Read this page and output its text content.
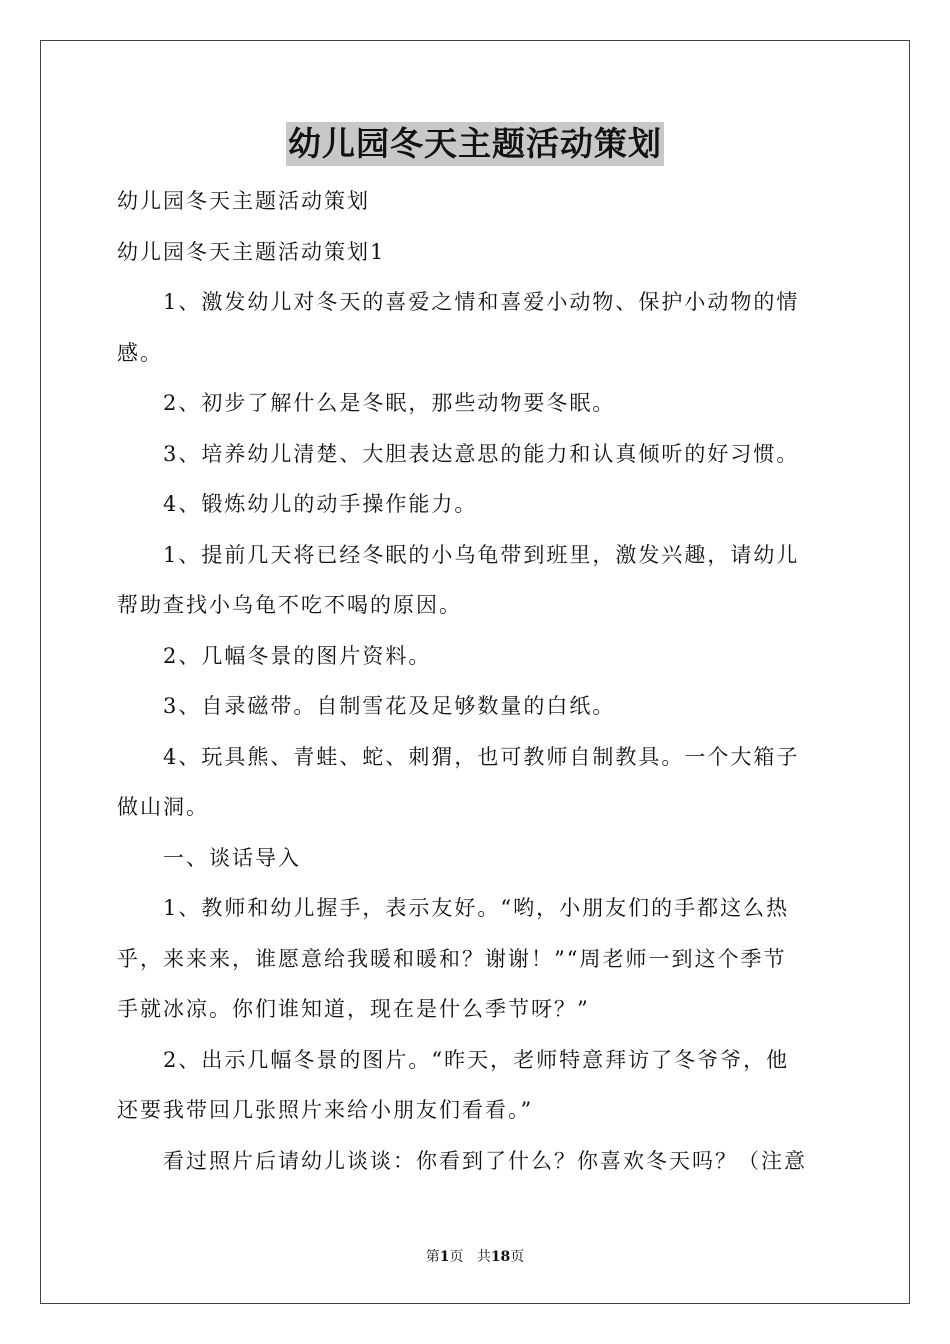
幼儿园冬天主题活动策划

幼儿园冬天主题活动策划

幼儿园冬天主题活动策划1

1、激发幼儿对冬天的喜爱之情和喜爱小动物、保护小动物的情

感。

2、初步了解什么是冬眠，那些动物要冬眠。

3、培养幼儿清楚、大胆表达意思的能力和认真倾听的好习惯。

4、锻炼幼儿的动手操作能力。

1、提前几天将已经冬眠的小乌龟带到班里，激发兴趣，请幼儿

帮助查找小乌龟不吃不喝的原因。

2、几幅冬景的图片资料。

3、自录磁带。自制雪花及足够数量的白纸。

4、玩具熊、青蛙、蛇、刺猬，也可教师自制教具。一个大箱子

做山洞。

一、谈话导入

1、教师和幼儿握手，表示友好。“哟，小朋友们的手都这么热

乎，来来来，谁愿意给我暖和暖和？谢谢！”“周老师一到这个季节

手就冰凉。你们谁知道，现在是什么季节呀？”

2、出示几幅冬景的图片。“昨天，老师特意拜访了冬爷爷，他

还要我带回几张照片来给小朋友们看看。”

看过照片后请幼儿谈谈：你看到了什么？你喜欢冬天吗？（注意

第1页 共18页
